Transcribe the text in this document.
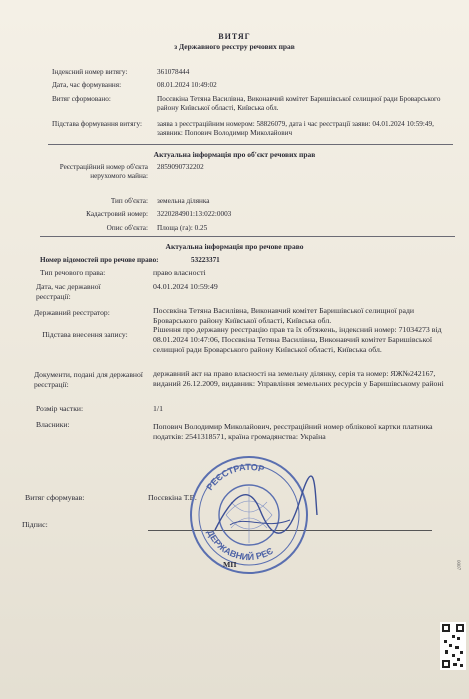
ВИТЯГ
з Державного реєстру речових прав
Індексний номер витягу:	361078444
Дата, час формування:	08.01.2024 10:49:02
Витяг сформовано:	Посєвкіна Тетяна Василівна, Виконавчий комітет Баришівської селищної ради Броварського району Київської області, Київська обл.
Підстава формування витягу:	заява з реєстраційним номером: 58826079, дата і час реєстрації заяви: 04.01.2024 10:59:49, заявник: Попович Володимир Миколайович
Актуальна інформація про об'єкт речових прав
Реєстраційний номер об'єкта нерухомого майна:
2859090732202
Тип об'єкта: земельна ділянка
Кадастровий номер: 3220284901:13:022:0003
Опис об'єкта: Площа (га): 0.25
Актуальна інформація про речове право
Номер відомостей про речове право:	53223371
Тип речового права:	право власності
Дата, час державної реєстрації:
04.01.2024 10:59:49
Державний реєстратор:	Посєвкіна Тетяна Василівна, Виконавчий комітет Баришівської селищної ради Броварського району Київської області, Київська обл.
Підстава внесення запису:
Рішення про державну реєстрацію прав та їх обтяжень, індексний номер: 71034273 від 08.01.2024 10:47:06, Посєвкіна Тетяна Василівна, Виконавчий комітет Баришівської селищної ради Броварського району Київської області, Київська обл.
Документи, подані для державної реєстрації:
державний акт на право власності на земельну ділянку, серія та номер: ЯЖ№242167, виданий 26.12.2009, видавник: Управління земельних ресурсів у Баришівському районі
Розмір частки:	1/1
Власники:	Попович Володимир Миколайович, реєстраційний номер облікової картки платника податків: 2541318571, країна громадянства: Україна
Витяг сформував:	Посєвкіна Т.В.
Підпис:
РЕЄСТРАТОР
ДЕРЖАВНИЙ РЕЄ
МП	0007
